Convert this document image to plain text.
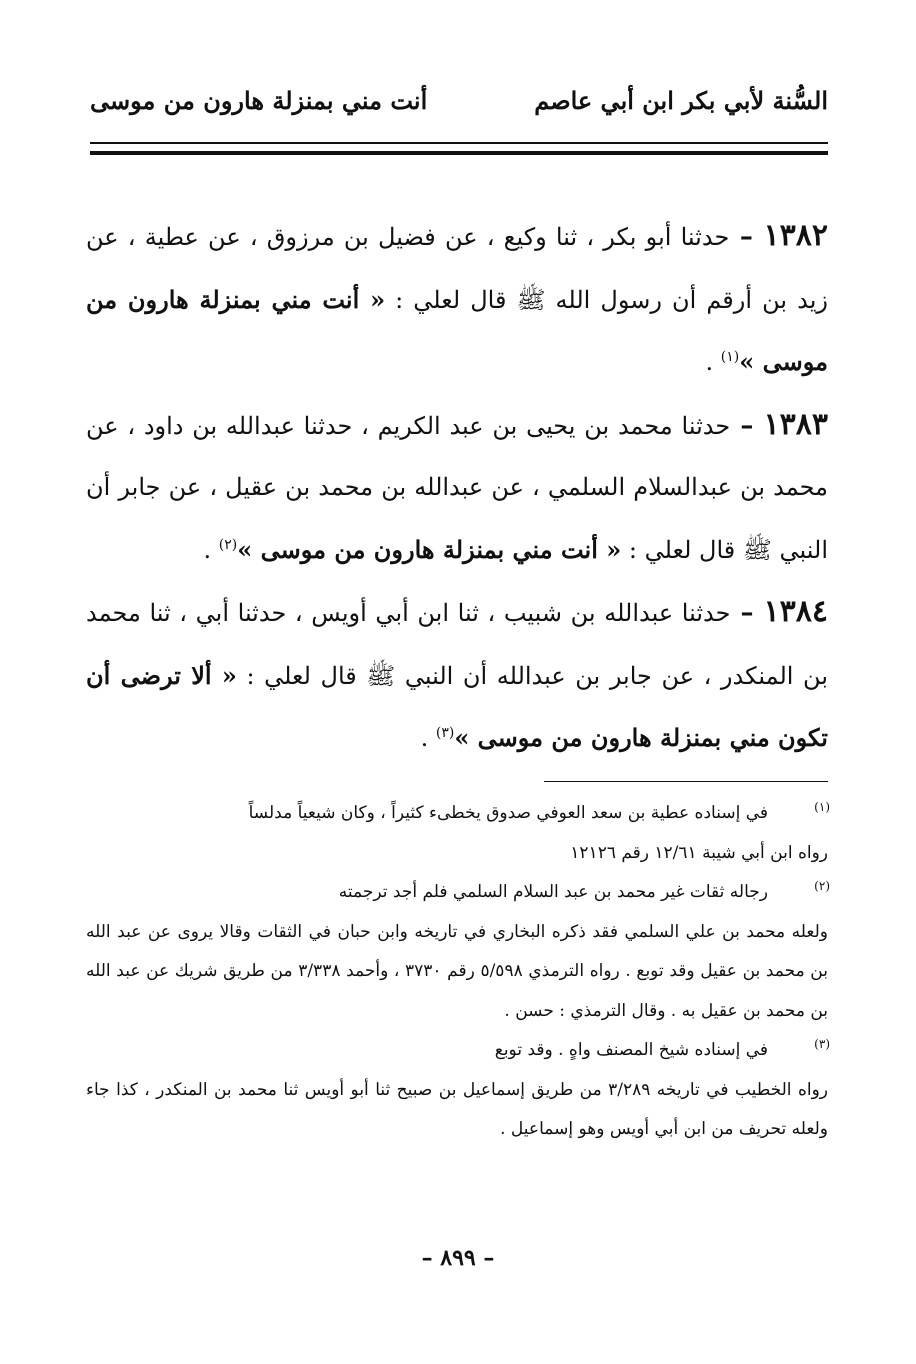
السُّنة لأبي بكر ابن أبي عاصم
أنت مني بمنزلة هارون من موسى

١٣٨٢ – حدثنا أبو بكر ، ثنا وكيع ، عن فضيل بن مرزوق ، عن عطية ، عن زيد بن أرقم أن رسول الله ﷺ قال لعلي : « أنت مني بمنزلة هارون من موسى »$^{(١)}$ .

١٣٨٣ – حدثنا محمد بن يحيى بن عبد الكريم ، حدثنا عبدالله بن داود ، عن محمد بن عبدالسلام السلمي ، عن عبدالله بن محمد بن عقيل ، عن جابر أن النبي ﷺ قال لعلي : « أنت مني بمنزلة هارون من موسى »$^{(٢)}$ .

١٣٨٤ – حدثنا عبدالله بن شبيب ، ثنا ابن أبي أويس ، حدثنا أبي ، ثنا محمد بن المنكدر ، عن جابر بن عبدالله أن النبي ﷺ قال لعلي : « ألا ترضى أن تكون مني بمنزلة هارون من موسى »$^{(٣)}$ .

(١)
في إسناده عطية بن سعد العوفي صدوق يخطىء كثيراً ، وكان شيعياً مدلساً
رواه ابن أبي شيبة ١٢/٦١ رقم ١٢١٢٦
(٢)
رجاله ثقات غير محمد بن عبد السلام السلمي فلم أجد ترجمته
ولعله محمد بن علي السلمي فقد ذكره البخاري في تاريخه وابن حبان في الثقات وقالا يروى عن عبد الله بن محمد بن عقيل وقد توبع . رواه الترمذي ٥/٥٩٨ رقم ٣٧٣٠ ، وأحمد ٣/٣٣٨ من طريق شريك عن عبد الله بن محمد بن عقيل به . وقال الترمذي : حسن .
(٣)
في إسناده شيخ المصنف واهٍ . وقد توبع
رواه الخطيب في تاريخه ٣/٢٨٩ من طريق إسماعيل بن صبيح ثنا أبو أويس ثنا محمد بن المنكدر ، كذا جاء ولعله تحريف من ابن أبي أويس وهو إسماعيل .
– ٨٩٩ –
